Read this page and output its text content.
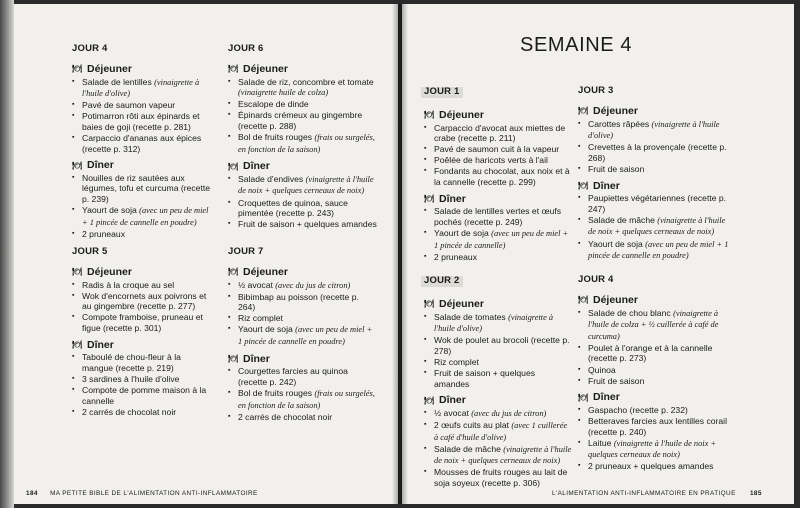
JOUR 4
🍽 Déjeuner
▪ Salade de lentilles (vinaigrette à l'huile d'olive)
▪ Pavé de saumon vapeur
▪ Potimarron rôti aux épinards et baies de goji (recette p. 281)
▪ Carpaccio d'ananas aux épices (recette p. 312)
🍽 Dîner
▪ Nouilles de riz sautées aux légumes, tofu et curcuma (recette p. 239)
▪ Yaourt de soja (avec un peu de miel + 1 pincée de cannelle en poudre)
▪ 2 pruneaux
JOUR 6
🍽 Déjeuner
▪ Salade de riz, concombre et tomate (vinaigrette huile de colza)
▪ Escalope de dinde
▪ Épinards crémeux au gingembre (recette p. 288)
▪ Bol de fruits rouges (frais ou surgelés, en fonction de la saison)
🍽 Dîner
▪ Salade d'endives (vinaigrette à l'huile de noix + quelques cerneaux de noix)
▪ Croquettes de quinoa, sauce pimentée (recette p. 243)
▪ Fruit de saison + quelques amandes
JOUR 5
🍽 Déjeuner
▪ Radis à la croque au sel
▪ Wok d'encornets aux poivrons et au gingembre (recette p. 277)
▪ Compote framboise, pruneau et figue (recette p. 301)
🍽 Dîner
▪ Taboulé de chou-fleur à la mangue (recette p. 219)
▪ 3 sardines à l'huile d'olive
▪ Compote de pomme maison à la cannelle
▪ 2 carrés de chocolat noir
JOUR 7
🍽 Déjeuner
▪ ½ avocat (avec du jus de citron)
▪ Bibimbap au poisson (recette p. 264)
▪ Riz complet
▪ Yaourt de soja (avec un peu de miel + 1 pincée de cannelle en poudre)
🍽 Dîner
▪ Courgettes farcies au quinoa (recette p. 242)
▪ Bol de fruits rouges (frais ou surgelés, en fonction de la saison)
▪ 2 carrés de chocolat noir
184 MA PETITE BIBLE DE L'ALIMENTATION ANTI-INFLAMMATOIRE
SEMAINE 4
JOUR 1
🍽 Déjeuner
▪ Carpaccio d'avocat aux miettes de crabe (recette p. 211)
▪ Pavé de saumon cuit à la vapeur
▪ Poêlée de haricots verts à l'ail
▪ Fondants au chocolat, aux noix et à la cannelle (recette p. 299)
🍽 Dîner
▪ Salade de lentilles vertes et œufs pochés (recette p. 249)
▪ Yaourt de soja (avec un peu de miel + 1 pincée de cannelle)
▪ 2 pruneaux
JOUR 3
🍽 Déjeuner
▪ Carottes râpées (vinaigrette à l'huile d'olive)
▪ Crevettes à la provençale (recette p. 268)
▪ Fruit de saison
🍽 Dîner
▪ Paupiettes végétariennes (recette p. 247)
▪ Salade de mâche (vinaigrette à l'huile de noix + quelques cerneaux de noix)
▪ Yaourt de soja (avec un peu de miel + 1 pincée de cannelle en poudre)
JOUR 2
🍽 Déjeuner
▪ Salade de tomates (vinaigrette à l'huile d'olive)
▪ Wok de poulet au brocoli (recette p. 278)
▪ Riz complet
▪ Fruit de saison + quelques amandes
🍽 Dîner
▪ ½ avocat (avec du jus de citron)
▪ 2 œufs cuits au plat (avec 1 cuillerée à café d'huile d'olive)
▪ Salade de mâche (vinaigrette à l'huile de noix + quelques cerneaux de noix)
▪ Mousses de fruits rouges au lait de soja soyeux (recette p. 306)
JOUR 4
🍽 Déjeuner
▪ Salade de chou blanc (vinaigrette à l'huile de colza + ½ cuillerée à café de curcuma)
▪ Poulet à l'orange et à la cannelle (recette p. 273)
▪ Quinoa
▪ Fruit de saison
🍽 Dîner
▪ Gaspacho (recette p. 232)
▪ Betteraves farcies aux lentilles corail (recette p. 240)
▪ Laitue (vinaigrette à l'huile de noix + quelques cerneaux de noix)
▪ 2 pruneaux + quelques amandes
L'ALIMENTATION ANTI-INFLAMMATOIRE EN PRATIQUE 185
